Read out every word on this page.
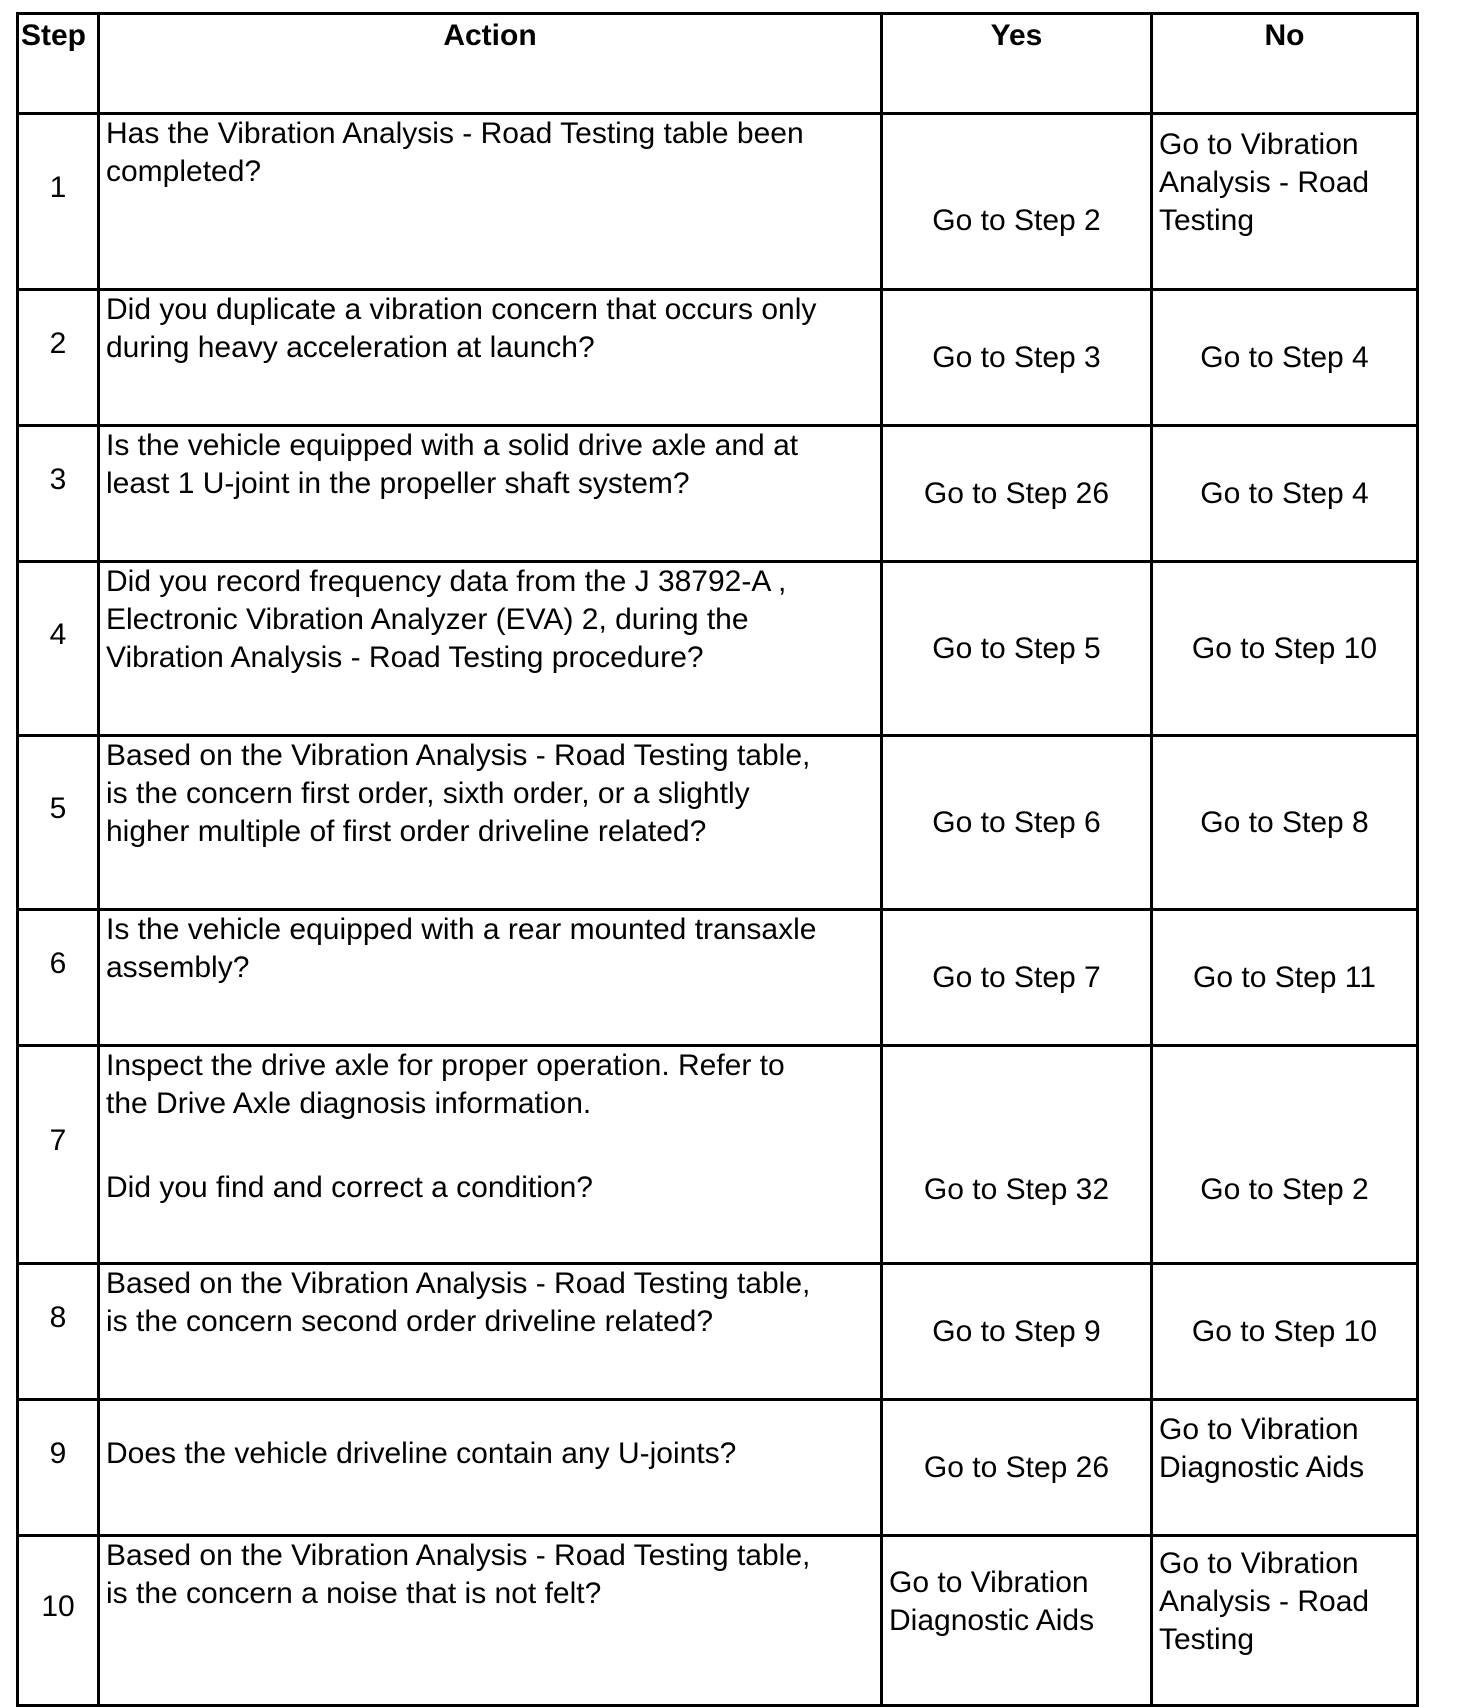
Step	Action	Yes	No

1	Has the Vibration Analysis - Road Testing table been
completed?	Go to Step 2	Go to Vibration
Analysis - Road
Testing

2	Did you duplicate a vibration concern that occurs only
during heavy acceleration at launch?	Go to Step 3	Go to Step 4

3	Is the vehicle equipped with a solid drive axle and at
least 1 U-joint in the propeller shaft system?	Go to Step 26	Go to Step 4

4	Did you record frequency data from the J 38792-A ,
Electronic Vibration Analyzer (EVA) 2, during the
Vibration Analysis - Road Testing procedure?	Go to Step 5	Go to Step 10

5	Based on the Vibration Analysis - Road Testing table,
is the concern first order, sixth order, or a slightly
higher multiple of first order driveline related?	Go to Step 6	Go to Step 8

6	Is the vehicle equipped with a rear mounted transaxle
assembly?	Go to Step 7	Go to Step 11

7	Inspect the drive axle for proper operation. Refer to
the Drive Axle diagnosis information.
Did you find and correct a condition?	Go to Step 32	Go to Step 2

8	Based on the Vibration Analysis - Road Testing table,
is the concern second order driveline related?	Go to Step 9	Go to Step 10

9	Does the vehicle driveline contain any U-joints?	Go to Step 26	Go to Vibration
Diagnostic Aids

10	Based on the Vibration Analysis - Road Testing table,
is the concern a noise that is not felt?	Go to Vibration
Diagnostic Aids	Go to Vibration
Analysis - Road
Testing
